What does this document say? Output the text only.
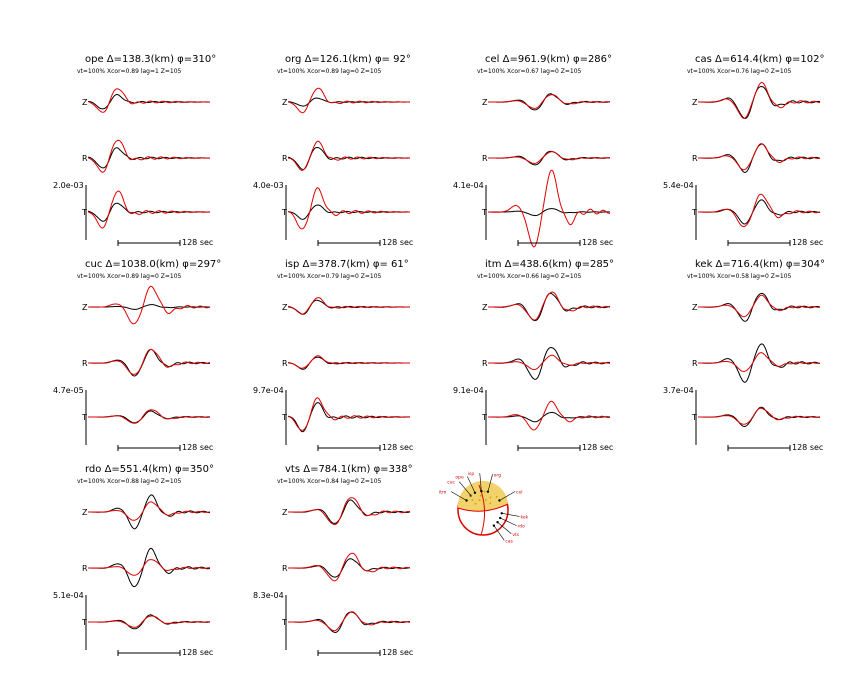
ope Δ=138.3(km) φ=310°
vt=100% Xcor=0.89 lag=1 Z=105
2.0e-03
Z
R
T
128 sec
org Δ=126.1(km) φ= 92°
vt=100% Xcor=0.89 lag=0 Z=105
4.0e-03
Z
R
T
128 sec
cel Δ=961.9(km) φ=286°
vt=100% Xcor=0.67 lag=0 Z=105
4.1e-04
Z
R
T
128 sec
cas Δ=614.4(km) φ=102°
vt=100% Xcor=0.76 lag=0 Z=105
5.4e-04
Z
R
T
128 sec
cuc Δ=1038.0(km) φ=297°
vt=100% Xcor=0.89 lag=0 Z=105
4.7e-05
Z
R
T
128 sec
isp Δ=378.7(km) φ= 61°
vt=100% Xcor=0.79 lag=0 Z=105
9.7e-04
Z
R
T
128 sec
itm Δ=438.6(km) φ=285°
vt=100% Xcor=0.66 lag=0 Z=105
9.1e-04
Z
R
T
128 sec
kek Δ=716.4(km) φ=304°
vt=100% Xcor=0.58 lag=0 Z=105
3.7e-04
Z
R
T
128 sec
rdo Δ=551.4(km) φ=350°
vt=100% Xcor=0.88 lag=0 Z=105
5.1e-04
Z
R
T
128 sec
vts Δ=784.1(km) φ=338°
vt=100% Xcor=0.84 lag=0 Z=105
8.3e-04
Z
R
T
128 sec
itm
cuc
ope
isp	org
cel
kek
rdo
vts
cas
